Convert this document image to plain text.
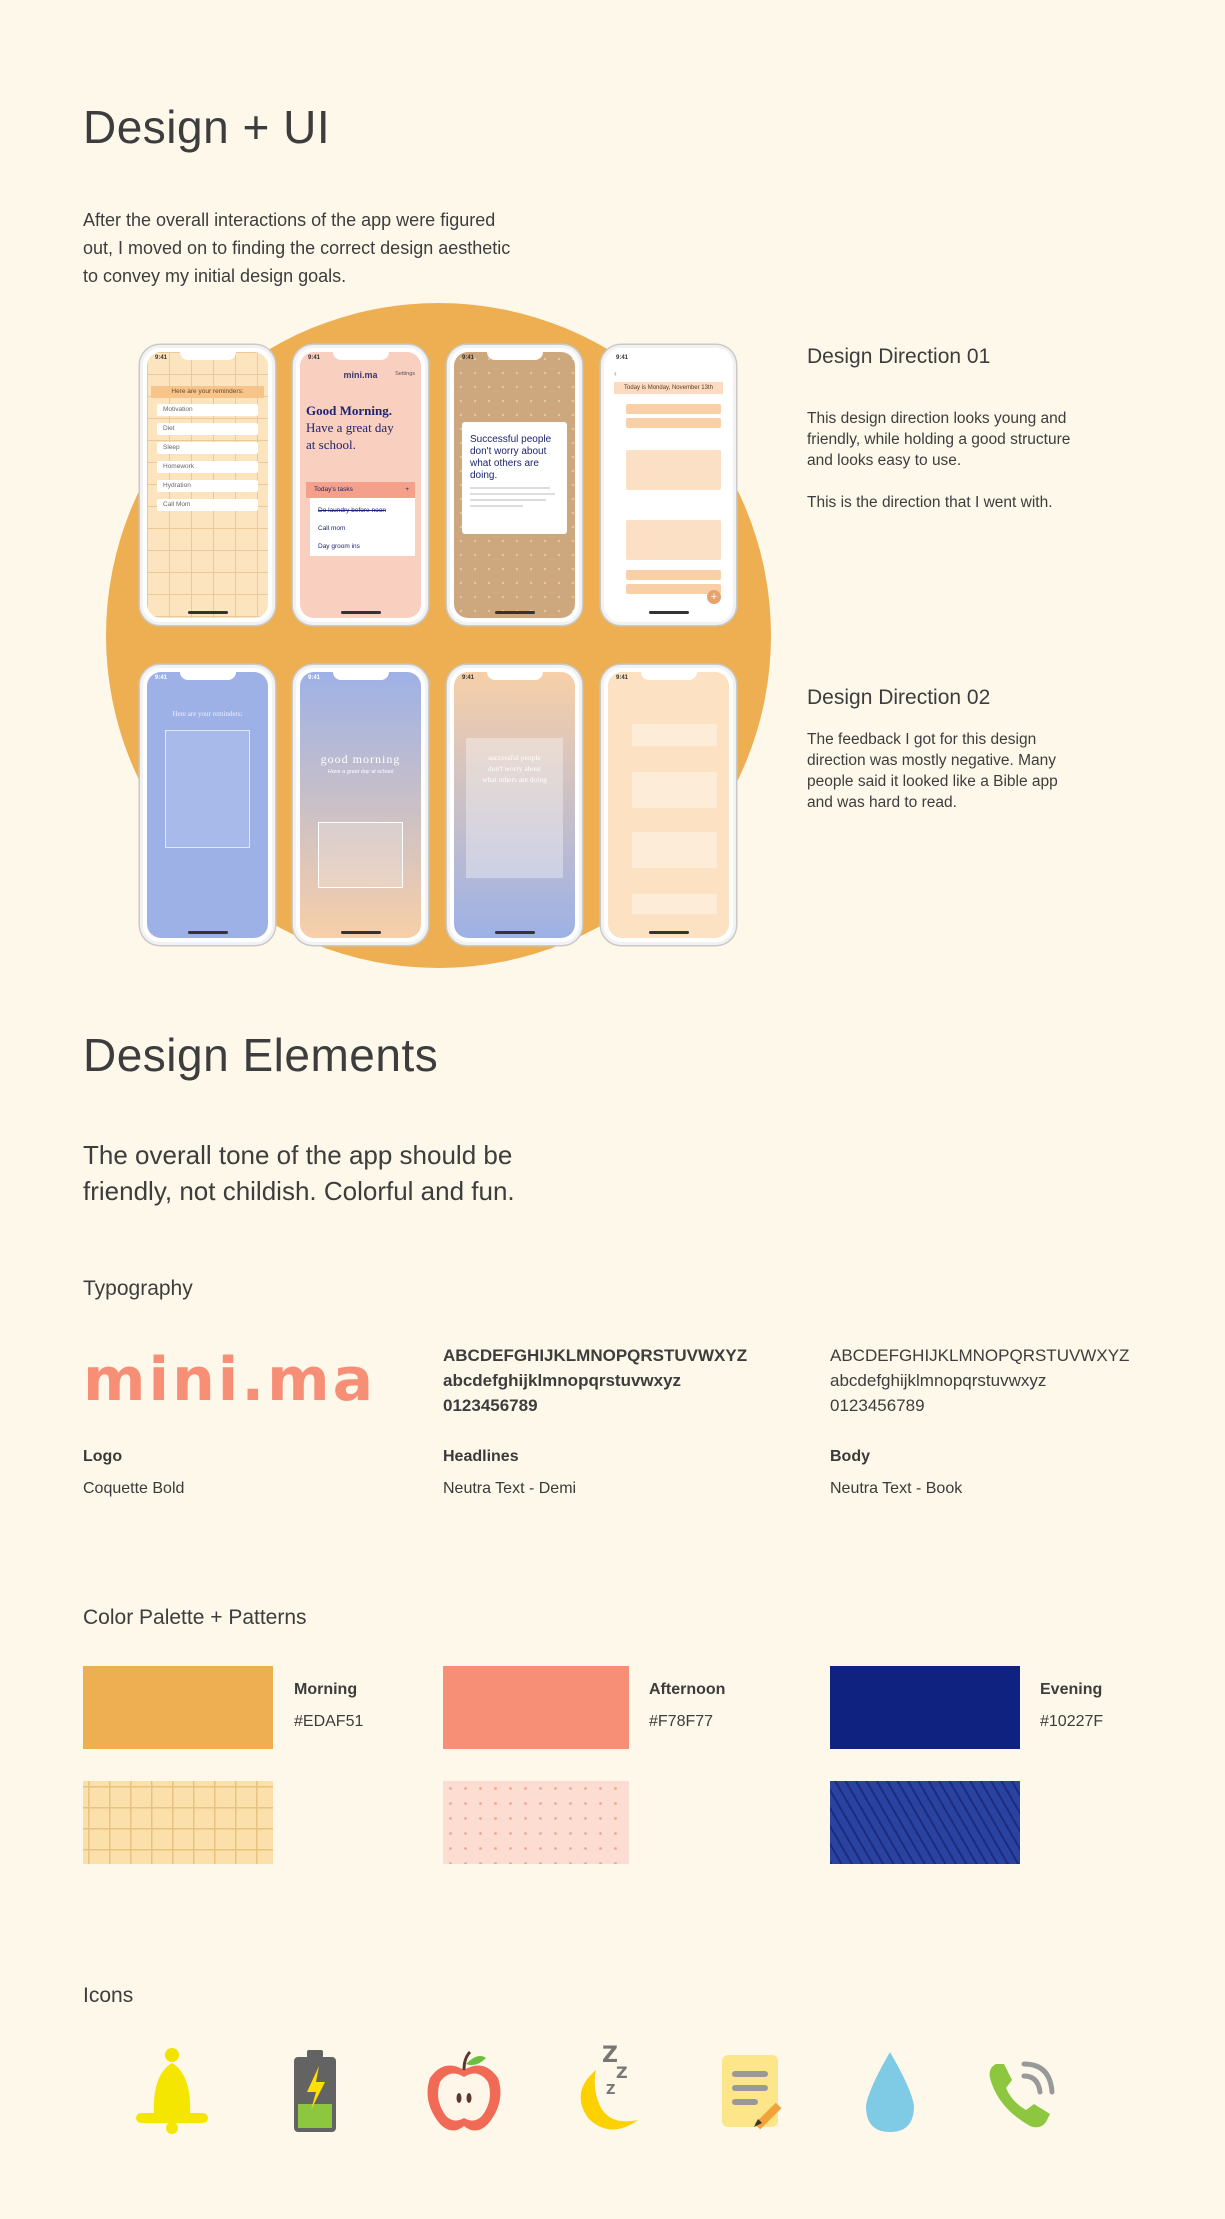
Design + UI
After the overall interactions of the app were figured
out, I moved on to finding the correct design aesthetic
to convey my initial design goals.
9:41
Here are your reminders:
Motivation
Diet
Sleep
Homework
Hydration
Call Mom
9:41
mini.ma	Settings
Good Morning.
Have a great day
at school.
Today's tasks	+
Do laundry before noon
Call mom
Day groom ins
9:41
Successful people
don't worry about
what others are doing.
9:41
‹
Today is Monday, November 13th
+
9:41
Here are your reminders:
9:41
good morning
Have a great day at school
9:41
successful people
don't worry about
what others are doing
9:41
Design Direction 01
This design direction looks young and
friendly, while holding a good structure
and looks easy to use.
This is the direction that I went with.
Design Direction 02
The feedback I got for this design
direction was mostly negative. Many
people said it looked like a Bible app
and was hard to read.
Design Elements
The overall tone of the app should be
friendly, not childish. Colorful and fun.
Typography
mini.ma	ABCDEFGHIJKLMNOPQRSTUVWXYZ
abcdefghijklmnopqrstuvwxyz
0123456789
ABCDEFGHIJKLMNOPQRSTUVWXYZ
abcdefghijklmnopqrstuvwxyz
0123456789
Logo
Coquette Bold
Headlines
Neutra Text - Demi
Body
Neutra Text - Book
Color Palette + Patterns
Morning
#EDAF51
Afternoon
#F78F77
Evening
#10227F
Icons
Z
Z
Z
